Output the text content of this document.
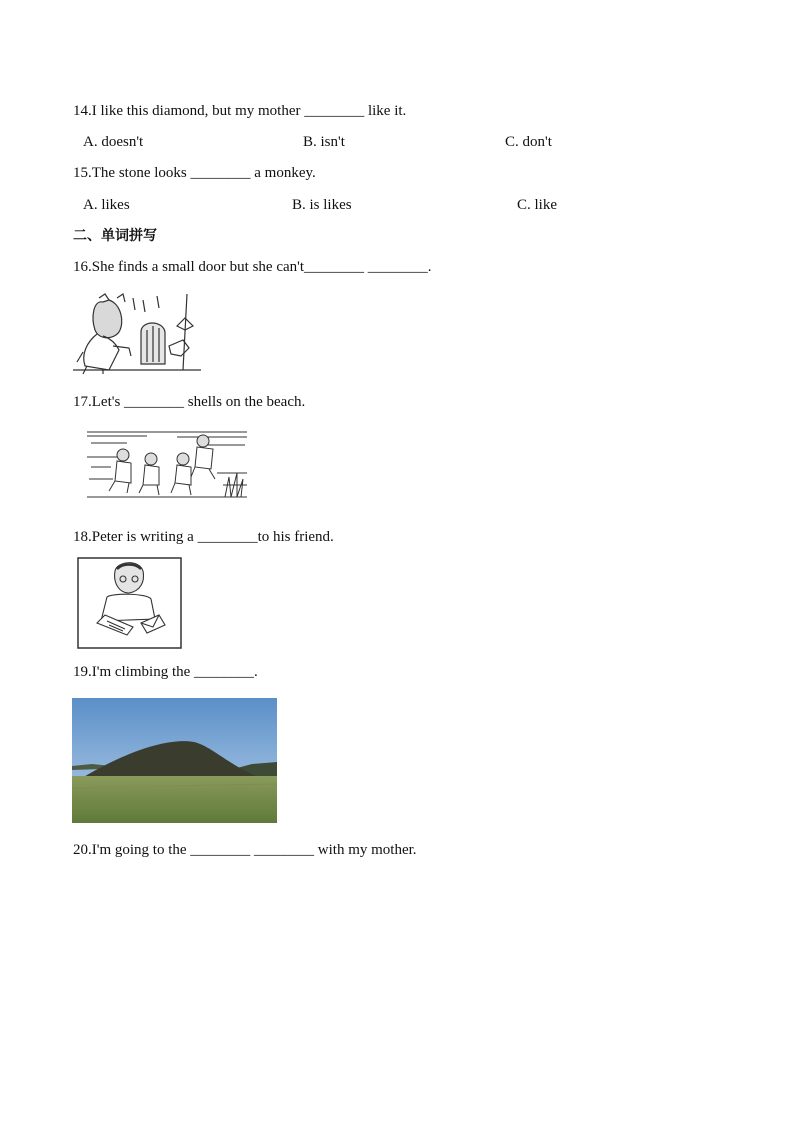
14.I like this diamond, but my mother ________ like it.
A. doesn't	B. isn't	C. don't
15.The stone looks ________ a monkey.
A. likes	B. is likes	C. like
二、单词拼写
16.She finds a small door but she can't________ ________.
17.Let's ________ shells on the beach.
18.Peter is writing a ________to his friend.
19.I'm climbing the ________.
20.I'm going to the ________ ________ with my mother.
